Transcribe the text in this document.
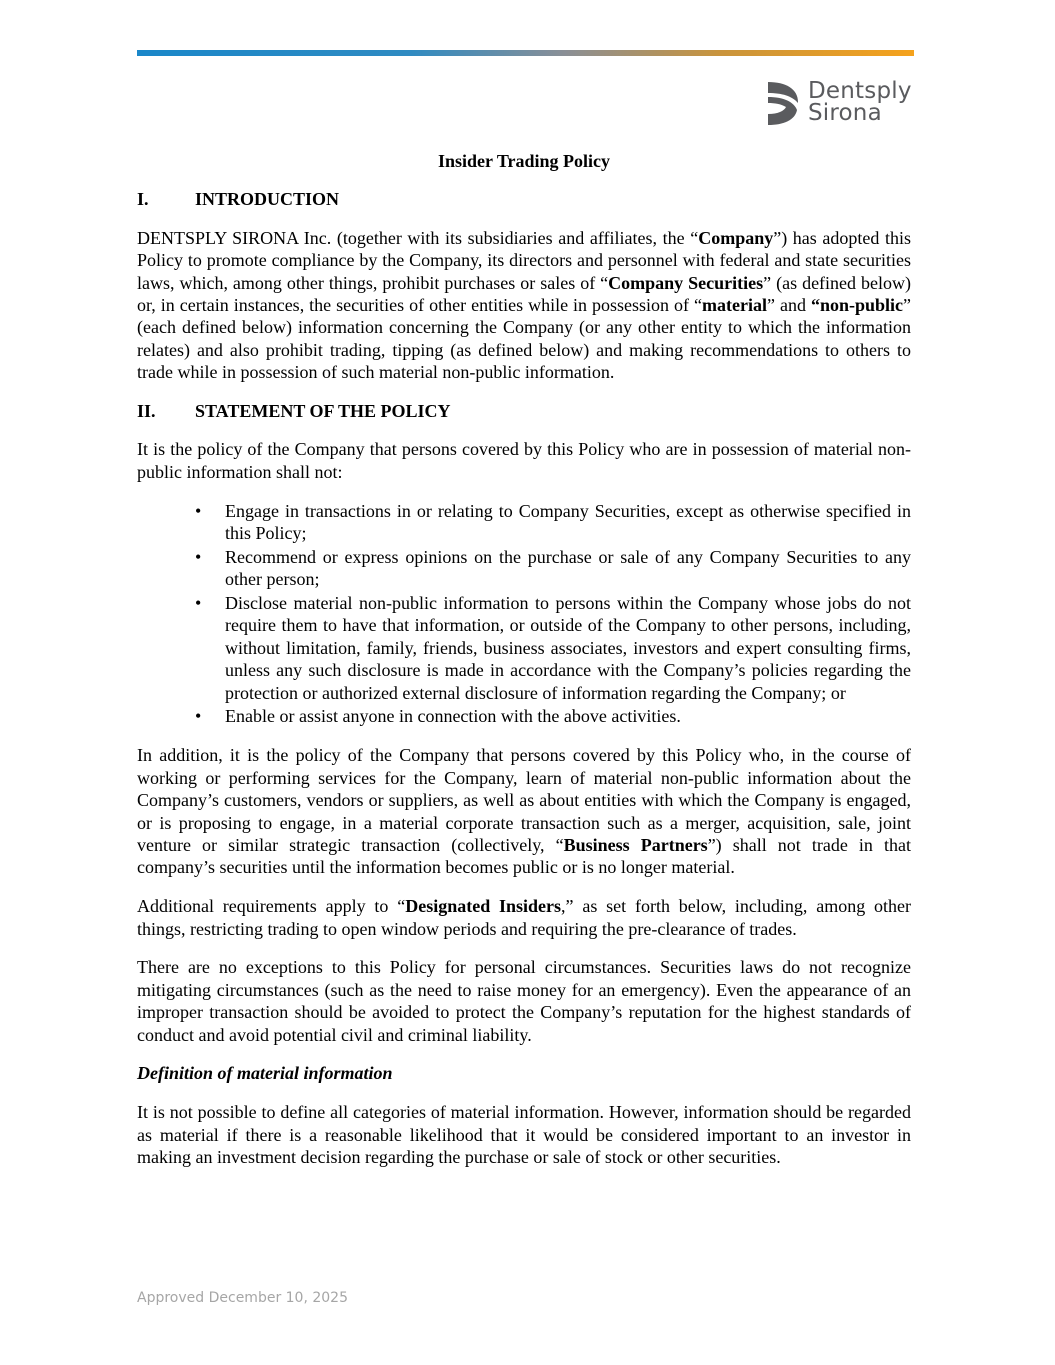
Dentsply
Sirona
Insider Trading Policy
I.	INTRODUCTION

DENTSPLY SIRONA Inc. (together with its subsidiaries and affiliates, the “Company”) has adopted this Policy to promote compliance by the Company, its directors and personnel with federal and state securities laws, which, among other things, prohibit purchases or sales of “Company Securities” (as defined below) or, in certain instances, the securities of other entities while in possession of “material” and “non-public” (each defined below) information concerning the Company (or any other entity to which the information relates) and also prohibit trading, tipping (as defined below) and making recommendations to others to trade while in possession of such material non-public information.

II. STATEMENT OF THE POLICY

It is the policy of the Company that persons covered by this Policy who are in possession of material non-public information shall not:

• Engage in transactions in or relating to Company Securities, except as otherwise specified in this Policy;
• Recommend or express opinions on the purchase or sale of any Company Securities to any other person;
• Disclose material non-public information to persons within the Company whose jobs do not require them to have that information, or outside of the Company to other persons, including, without limitation, family, friends, business associates, investors and expert consulting firms, unless any such disclosure is made in accordance with the Company’s policies regarding the protection or authorized external disclosure of information regarding the Company; or
• Enable or assist anyone in connection with the above activities.

In addition, it is the policy of the Company that persons covered by this Policy who, in the course of working or performing services for the Company, learn of material non-public information about the Company’s customers, vendors or suppliers, as well as about entities with which the Company is engaged, or is proposing to engage, in a material corporate transaction such as a merger, acquisition, sale, joint venture or similar strategic transaction (collectively, “Business Partners”) shall not trade in that company’s securities until the information becomes public or is no longer material.

Additional requirements apply to “Designated Insiders,” as set forth below, including, among other things, restricting trading to open window periods and requiring the pre-clearance of trades.

There are no exceptions to this Policy for personal circumstances. Securities laws do not recognize mitigating circumstances (such as the need to raise money for an emergency). Even the appearance of an improper transaction should be avoided to protect the Company’s reputation for the highest standards of conduct and avoid potential civil and criminal liability.

Definition of material information

It is not possible to define all categories of material information. However, information should be regarded as material if there is a reasonable likelihood that it would be considered important to an investor in making an investment decision regarding the purchase or sale of stock or other securities.

Approved December 10, 2025
